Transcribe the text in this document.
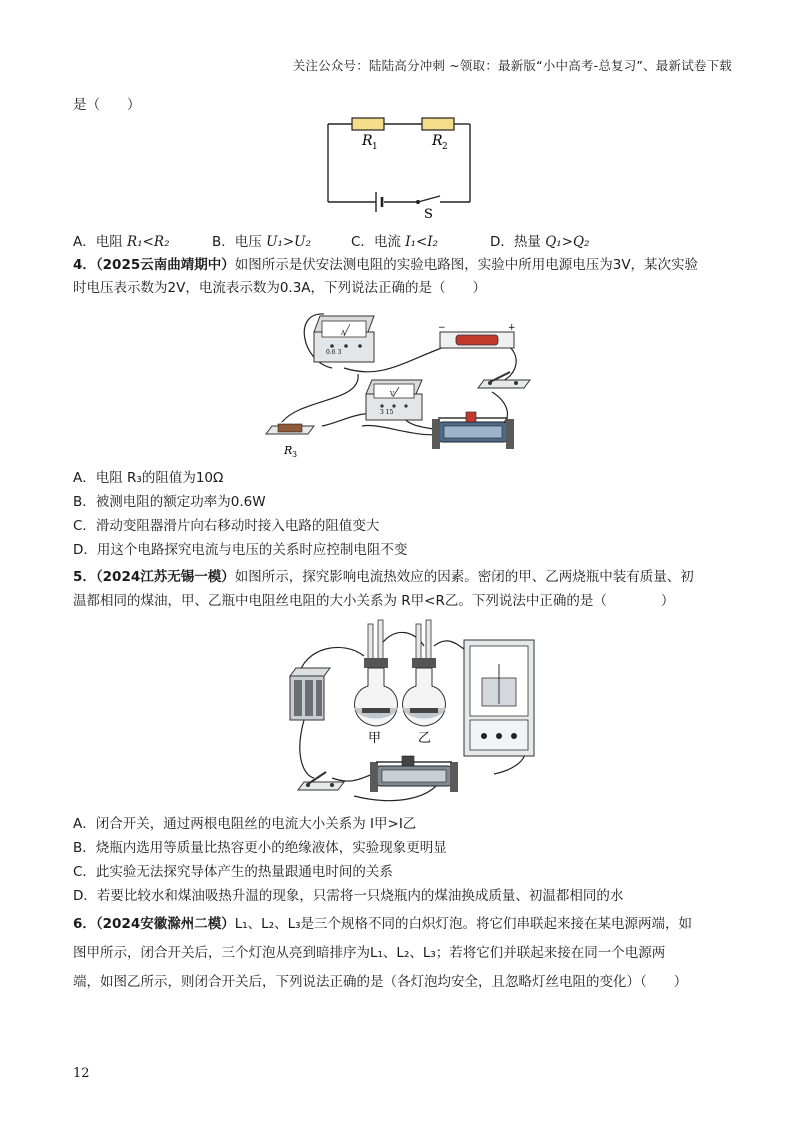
关注公众号：陆陆高分冲刺 ~领取：最新版“小中高考-总复习”、最新试卷下载
是（　　）
R 1	R 2
S
A．电阻 R₁<R₂	B．电压 U₁>U₂	C．电流 I₁<I₂	D．热量 Q₁>Q₂
4．（2025云南曲靖期中）如图所示是伏安法测电阻的实验电路图，实验中所用电源电压为3V，某次实验
时电压表示数为2V，电流表示数为0.3A，下列说法正确的是（　　）
A
0.6 3
V
3 15
−	+
R 3
A．电阻 R₃的阻值为10Ω
B．被测电阻的额定功率为0.6W
C．滑动变阻器滑片向右移动时接入电路的阻值变大
D．用这个电路探究电流与电压的关系时应控制电阻不变
5．（2024江苏无锡一模）如图所示，探究影响电流热效应的因素。密闭的甲、乙两烧瓶中装有质量、初
温都相同的煤油，甲、乙瓶中电阻丝电阻的大小关系为 R甲<R乙。下列说法中正确的是（　　　　）
甲	乙
A．闭合开关，通过两根电阻丝的电流大小关系为 I甲>I乙
B．烧瓶内选用等质量比热容更小的绝缘液体，实验现象更明显
C．此实验无法探究导体产生的热量跟通电时间的关系
D．若要比较水和煤油吸热升温的现象，只需将一只烧瓶内的煤油换成质量、初温都相同的水
6．（2024安徽滁州二模）L₁、L₂、L₃是三个规格不同的白炽灯泡。将它们串联起来接在某电源两端，如
图甲所示，闭合开关后，三个灯泡从亮到暗排序为L₁、L₂、L₃；若将它们并联起来接在同一个电源两
端，如图乙所示，则闭合开关后，下列说法正确的是（各灯泡均安全，且忽略灯丝电阻的变化）（　　）
12
